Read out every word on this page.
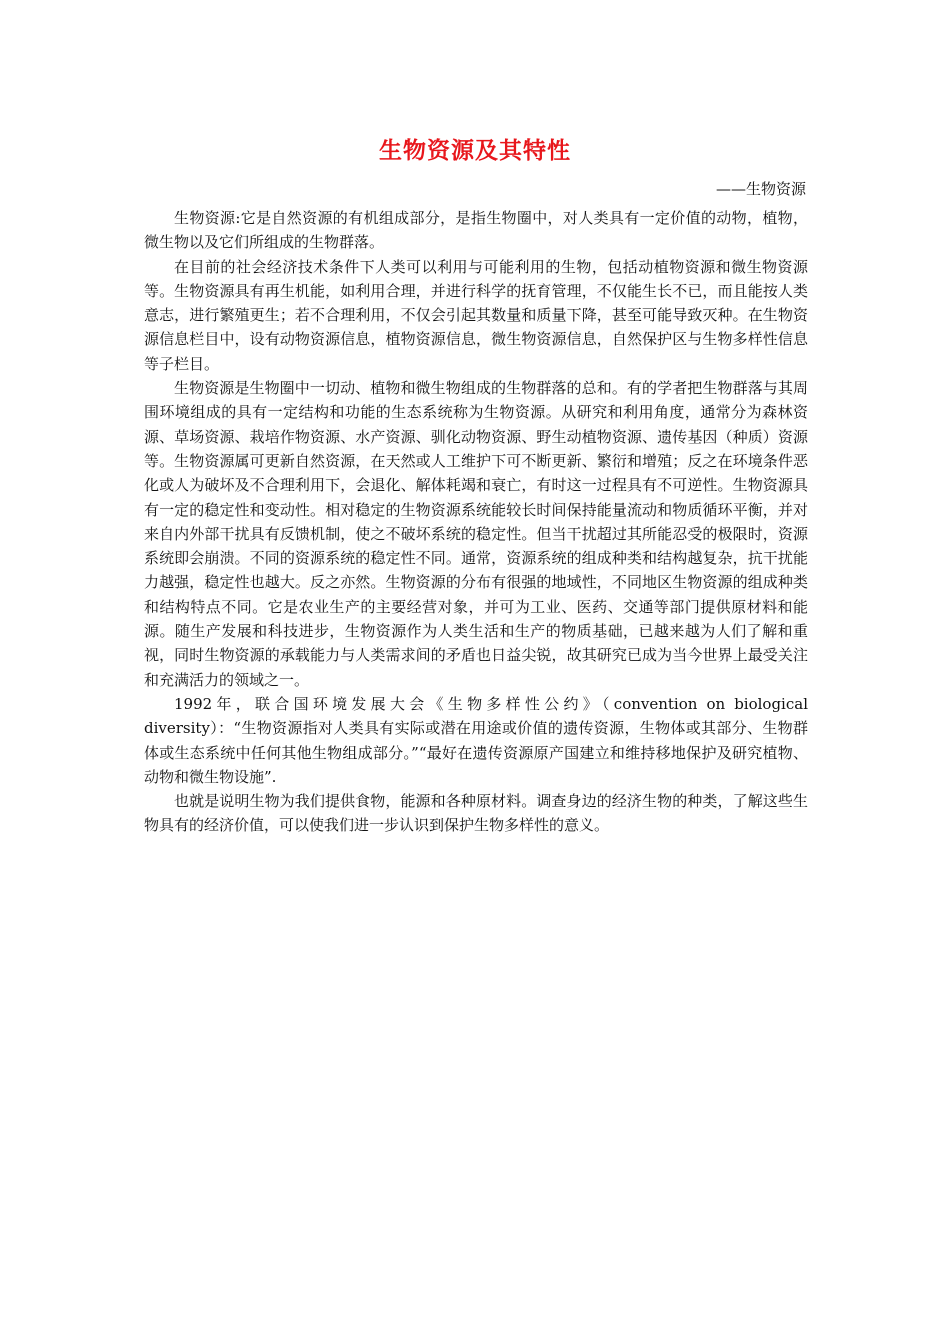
生物资源及其特性
——生物资源

生物资源:它是自然资源的有机组成部分，是指生物圈中，对人类具有一定价值的动物，植物，微生物以及它们所组成的生物群落。

在目前的社会经济技术条件下人类可以利用与可能利用的生物，包括动植物资源和微生物资源等。生物资源具有再生机能，如利用合理，并进行科学的抚育管理，不仅能生长不已，而且能按人类意志，进行繁殖更生；若不合理利用，不仅会引起其数量和质量下降，甚至可能导致灭种。在生物资源信息栏目中，设有动物资源信息，植物资源信息，微生物资源信息，自然保护区与生物多样性信息等子栏目。

生物资源是生物圈中一切动、植物和微生物组成的生物群落的总和。有的学者把生物群落与其周围环境组成的具有一定结构和功能的生态系统称为生物资源。从研究和利用角度，通常分为森林资源、草场资源、栽培作物资源、水产资源、驯化动物资源、野生动植物资源、遗传基因（种质）资源等。生物资源属可更新自然资源，在天然或人工维护下可不断更新、繁衍和增殖；反之在环境条件恶化或人为破坏及不合理利用下，会退化、解体耗竭和衰亡，有时这一过程具有不可逆性。生物资源具有一定的稳定性和变动性。相对稳定的生物资源系统能较长时间保持能量流动和物质循环平衡，并对来自内外部干扰具有反馈机制，使之不破坏系统的稳定性。但当干扰超过其所能忍受的极限时，资源系统即会崩溃。不同的资源系统的稳定性不同。通常，资源系统的组成种类和结构越复杂，抗干扰能力越强，稳定性也越大。反之亦然。生物资源的分布有很强的地域性，不同地区生物资源的组成种类和结构特点不同。它是农业生产的主要经营对象，并可为工业、医药、交通等部门提供原材料和能源。随生产发展和科技进步，生物资源作为人类生活和生产的物质基础，已越来越为人们了解和重视，同时生物资源的承载能力与人类需求间的矛盾也日益尖锐，故其研究已成为当今世界上最受关注和充满活力的领域之一。

1992年，联合国环境发展大会《生物多样性公约》（convention on biological diversity）：“生物资源指对人类具有实际或潜在用途或价值的遗传资源，生物体或其部分、生物群体或生态系统中任何其他生物组成部分。”“最好在遗传资源原产国建立和维持移地保护及研究植物、动物和微生物设施”.

也就是说明生物为我们提供食物，能源和各种原材料。调查身边的经济生物的种类，了解这些生物具有的经济价值，可以使我们进一步认识到保护生物多样性的意义。
